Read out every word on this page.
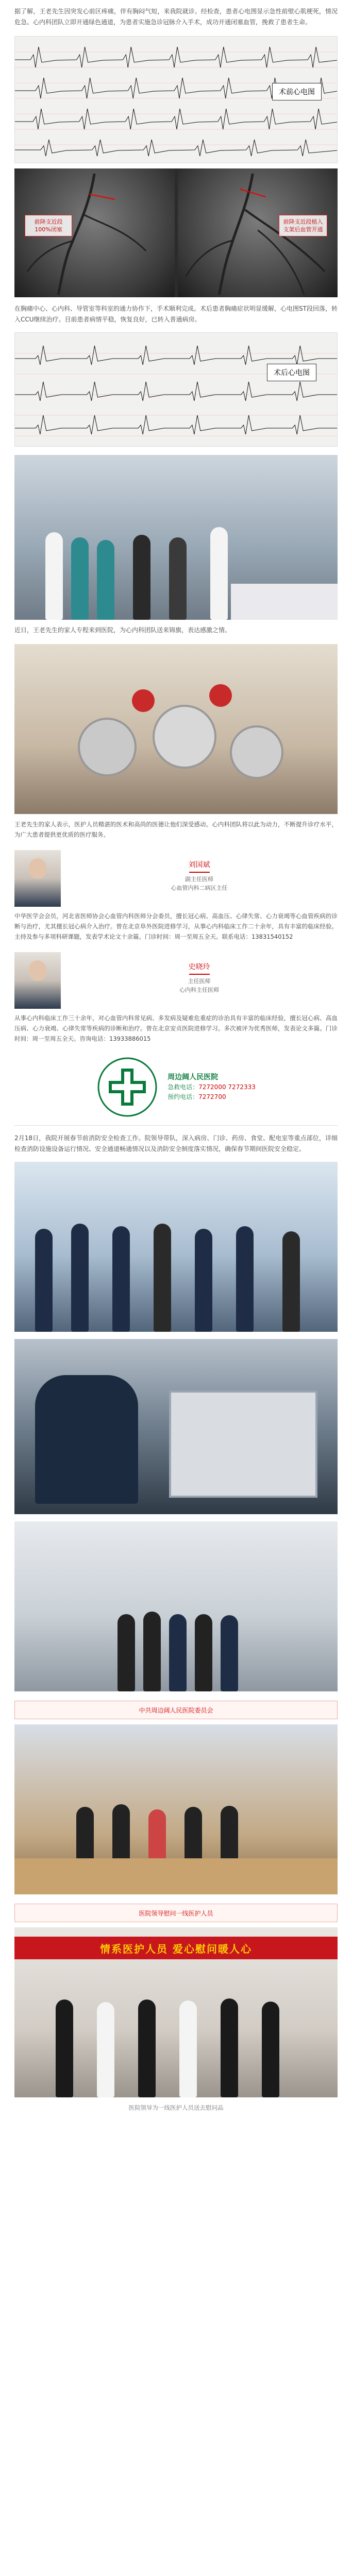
据了解，王老先生因突发心前区疼痛，伴有胸闷气短，来我院就诊。经检查，患者心电图显示急性前壁心肌梗死，情况危急。心内科团队立即开通绿色通道，为患者实施急诊冠脉介入手术，成功开通闭塞血管，挽救了患者生命。
术前心电图
前降支近段100%闭塞
前降支近段植入支架后血管开通
在胸痛中心、心内科、导管室等科室的通力协作下，手术顺利完成。术后患者胸痛症状明显缓解，心电图ST段回落，转入CCU继续治疗。目前患者病情平稳，恢复良好，已转入普通病房。
术后心电图
近日，王老先生的家人专程来到医院，为心内科团队送来锦旗，表达感激之情。
王老先生的家人表示，医护人员精湛的医术和高尚的医德让他们深受感动。心内科团队将以此为动力，不断提升诊疗水平，为广大患者提供更优质的医疗服务。
刘国斌
副主任医师
心血管内科二病区主任
中华医学会会员，河北省医师协会心血管内科医师分会委员，擅长冠心病、高血压、心律失常、心力衰竭等心血管疾病的诊断与治疗，尤其擅长冠心病介入治疗。曾在北京阜外医院进修学习，从事心内科临床工作二十余年，具有丰富的临床经验。主持及参与多项科研课题，发表学术论文十余篇。门诊时间：周一至周五全天。联系电话：13831540152
史晓玲
主任医师
心内科主任医师
从事心内科临床工作三十余年，对心血管内科常见病、多发病及疑难危重症的诊治具有丰富的临床经验，擅长冠心病、高血压病、心力衰竭、心律失常等疾病的诊断和治疗。曾在北京安贞医院进修学习。多次被评为优秀医师，发表论文多篇。门诊时间：周一至周五全天。咨询电话：13933886015
周边阔人民医院
急救电话：7272000 7272333
预约电话：7272700
2月18日，我院开展春节前消防安全检查工作。院领导带队，深入病房、门诊、药房、食堂、配电室等重点部位，详细检查消防设施设备运行情况、安全通道畅通情况以及消防安全制度落实情况，确保春节期间医院安全稳定。
中共周边阔人民医院委员会
医院领导慰问一线医护人员
情系医护人员 爱心慰问暖人心
医院领导为一线医护人员送去慰问品
